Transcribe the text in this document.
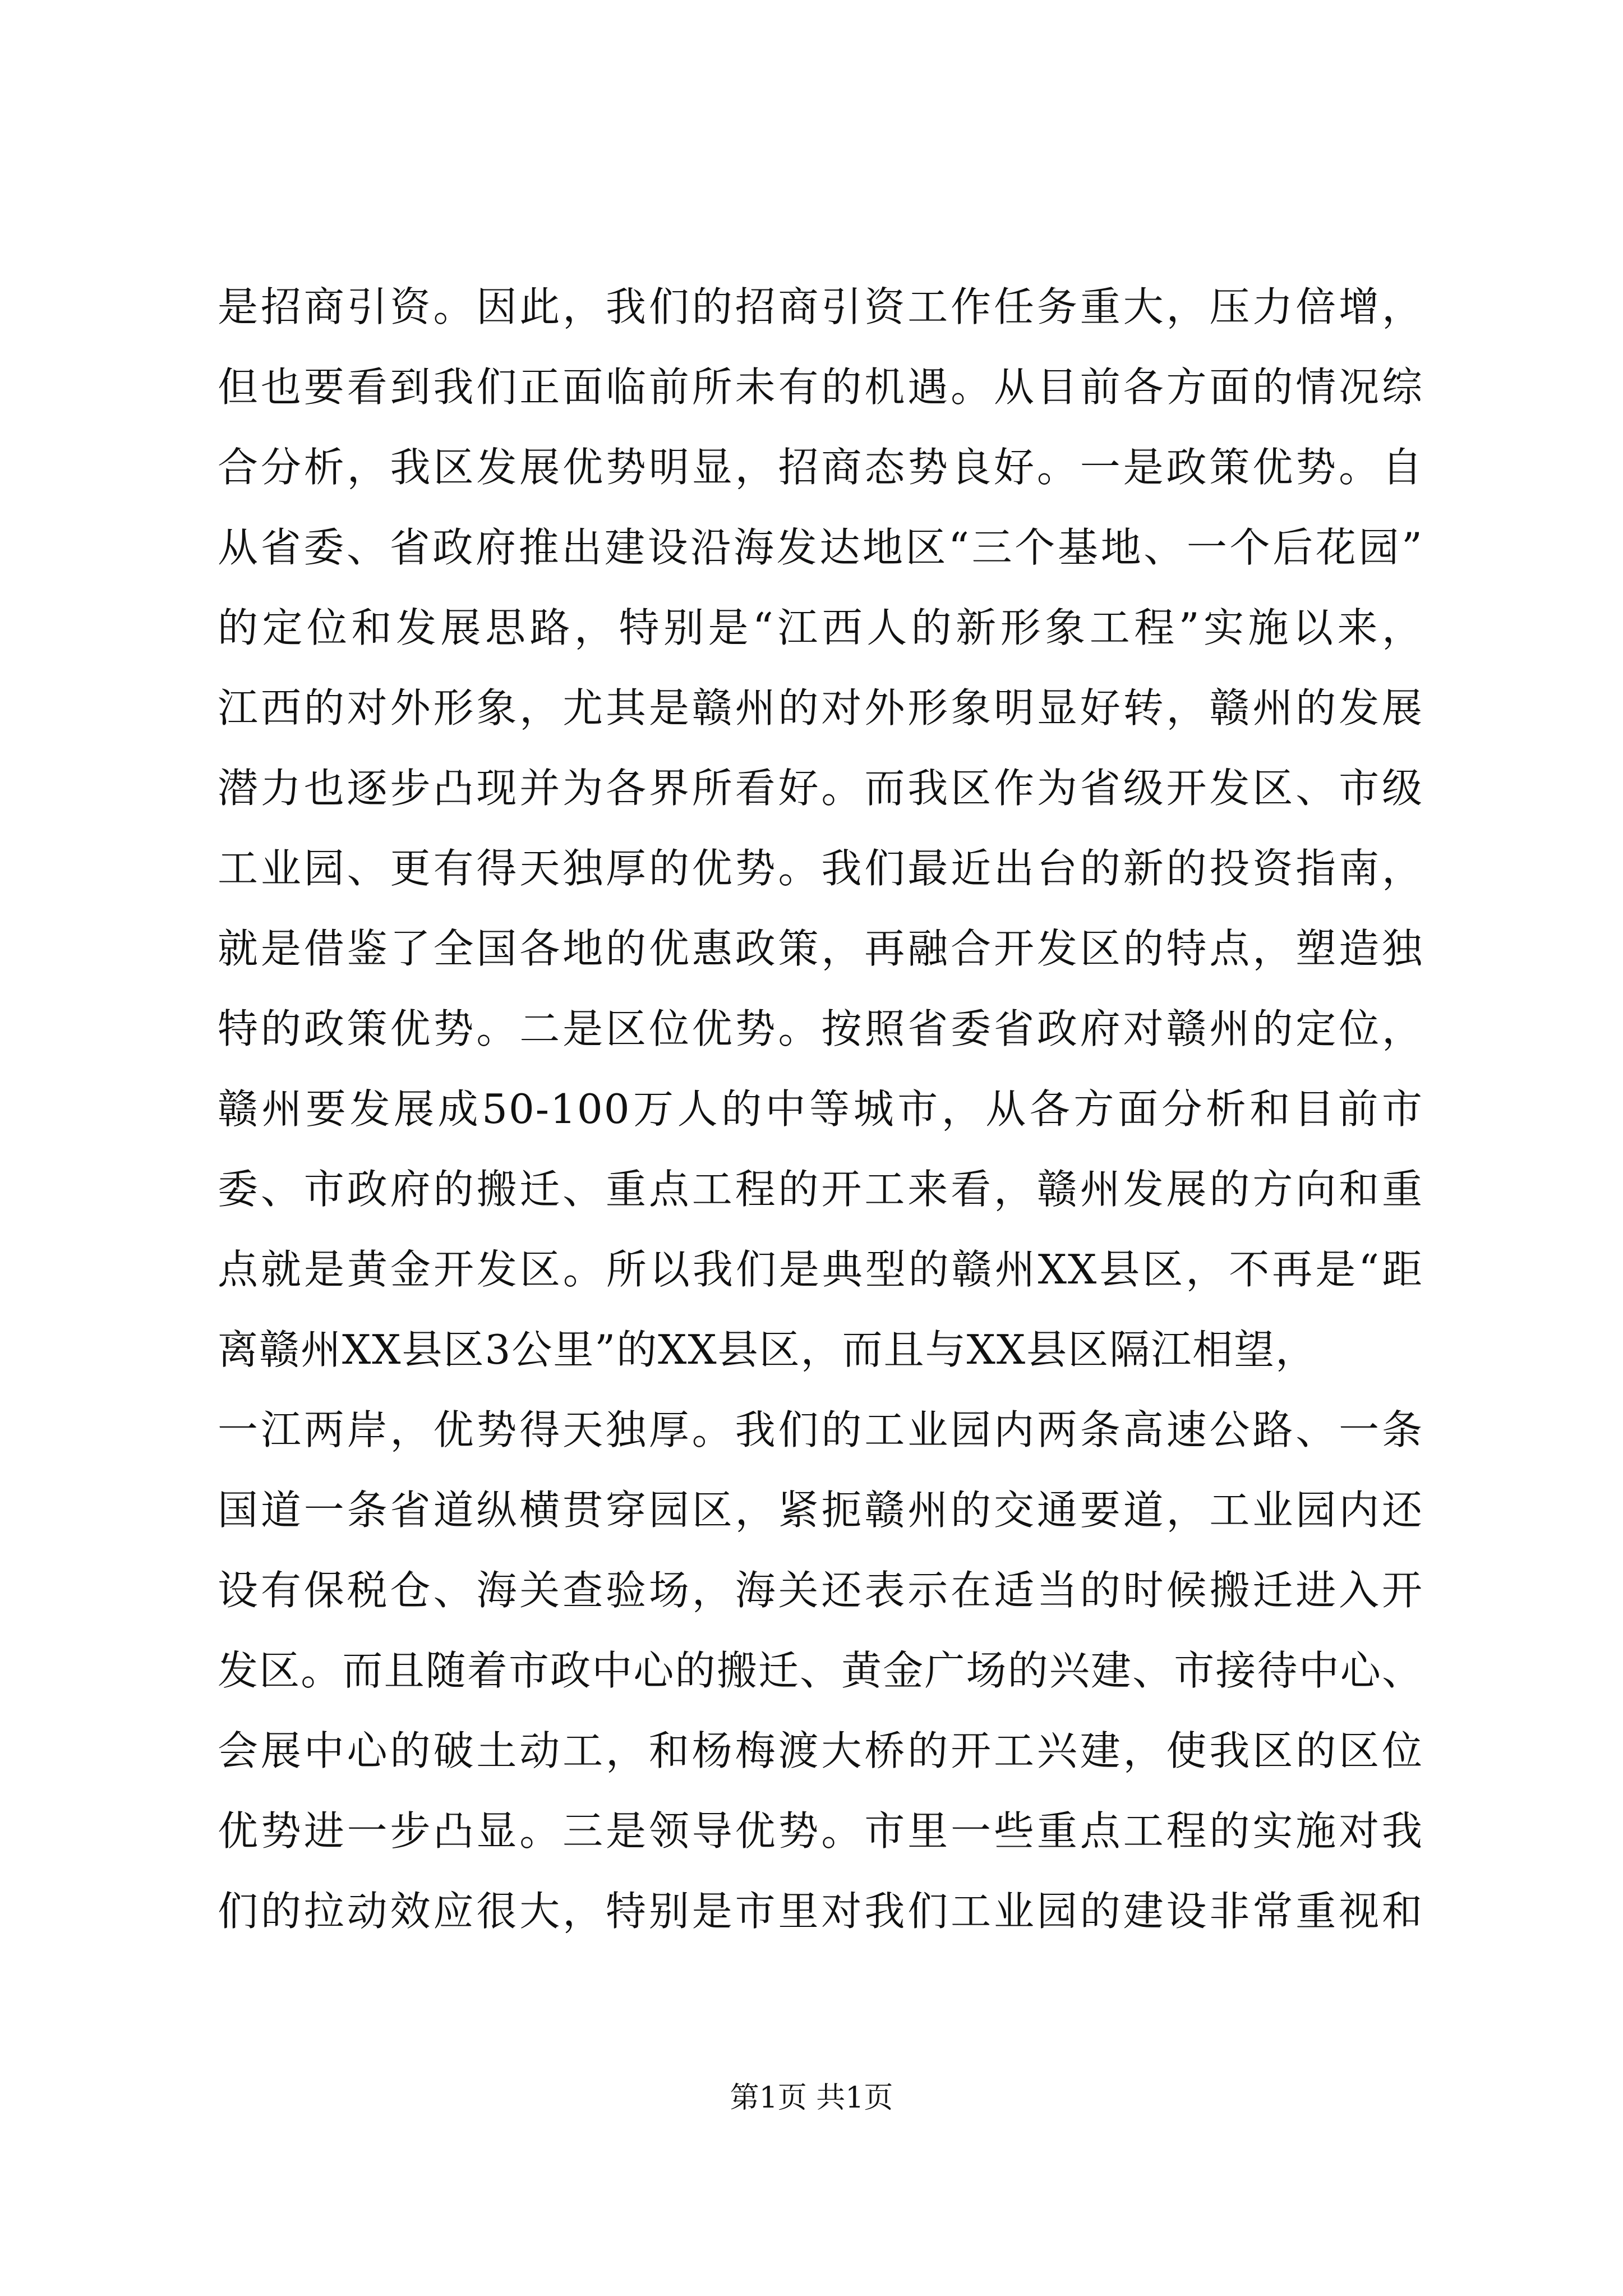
是招商引资。因此，我们的招商引资工作任务重大，压力倍增，
但也要看到我们正面临前所未有的机遇。从目前各方面的情况综
合分析，我区发展优势明显，招商态势良好。一是政策优势。自
从省委、省政府推出建设沿海发达地区“三个基地、一个后花园”
的定位和发展思路，特别是“江西人的新形象工程”实施以来，
江西的对外形象，尤其是赣州的对外形象明显好转，赣州的发展
潜力也逐步凸现并为各界所看好。而我区作为省级开发区、市级
工业园、更有得天独厚的优势。我们最近出台的新的投资指南，
就是借鉴了全国各地的优惠政策，再融合开发区的特点，塑造独
特的政策优势。二是区位优势。按照省委省政府对赣州的定位，
赣州要发展成50-100万人的中等城市，从各方面分析和目前市
委、市政府的搬迁、重点工程的开工来看，赣州发展的方向和重
点就是黄金开发区。所以我们是典型的赣州XX县区，不再是“距
离赣州XX县区3公里”的XX县区，而且与XX县区隔江相望，
一江两岸，优势得天独厚。我们的工业园内两条高速公路、一条
国道一条省道纵横贯穿园区，紧扼赣州的交通要道，工业园内还
设有保税仓、海关查验场，海关还表示在适当的时候搬迁进入开
发区。而且随着市政中心的搬迁、黄金广场的兴建、市接待中心、
会展中心的破土动工，和杨梅渡大桥的开工兴建，使我区的区位
优势进一步凸显。三是领导优势。市里一些重点工程的实施对我
们的拉动效应很大，特别是市里对我们工业园的建设非常重视和
第1页 共1页
